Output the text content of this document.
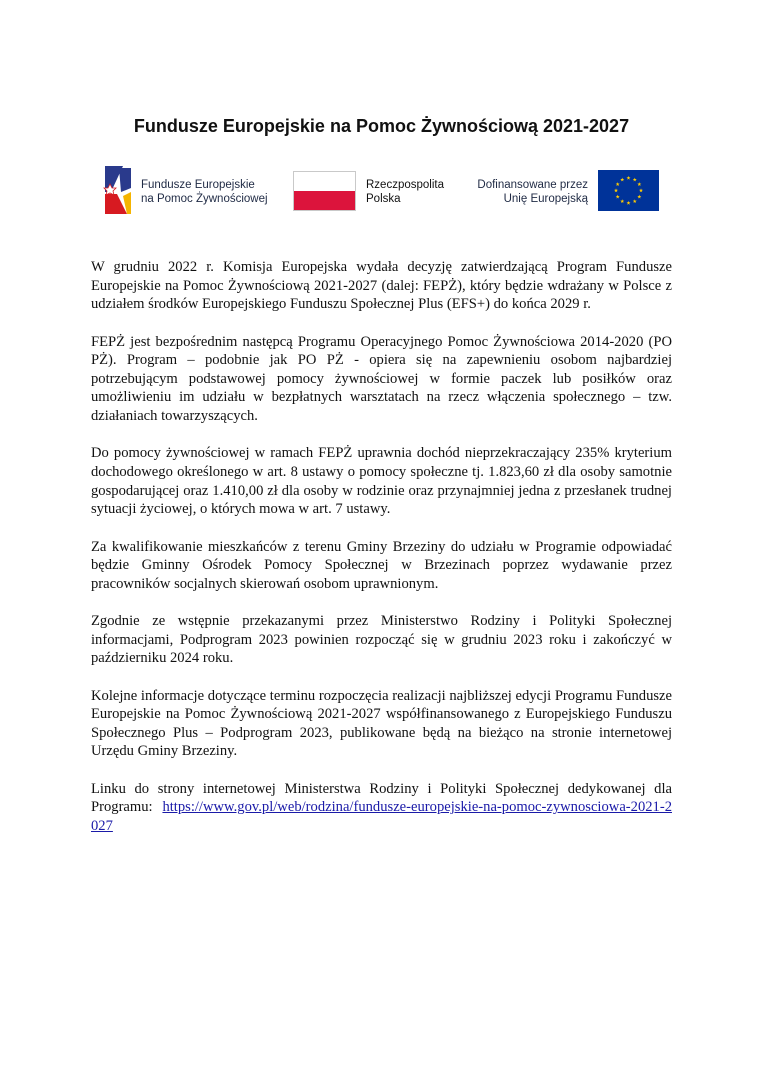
Fundusze Europejskie na Pomoc Żywnościową 2021-2027
Fundusze Europejskie
na Pomoc Żywnościowej
Rzeczpospolita
Polska
Dofinansowane przez
Unię Europejską

W grudniu 2022 r. Komisja Europejska wydała decyzję zatwierdzającą Program Fundusze Europejskie na Pomoc Żywnościową 2021-2027 (dalej: FEPŻ), który będzie wdrażany w Polsce z udziałem środków Europejskiego Funduszu Społecznej Plus (EFS+) do końca 2029 r.

FEPŻ jest bezpośrednim następcą Programu Operacyjnego Pomoc Żywnościowa 2014-2020 (PO PŻ). Program – podobnie jak PO PŻ - opiera się na zapewnieniu osobom najbardziej potrzebującym podstawowej pomocy żywnościowej w formie paczek lub posiłków oraz umożliwieniu im udziału w bezpłatnych warsztatach na rzecz włączenia społecznego – tzw. działaniach towarzyszących.

Do pomocy żywnościowej w ramach FEPŻ uprawnia dochód nieprzekraczający 235% kryterium dochodowego określonego w art. 8 ustawy o pomocy społeczne tj. 1.823,60 zł dla osoby samotnie gospodarującej oraz 1.410,00 zł dla osoby w rodzinie oraz przynajmniej jedna z przesłanek trudnej sytuacji życiowej, o których mowa w art. 7 ustawy.

Za kwalifikowanie mieszkańców z terenu Gminy Brzeziny do udziału w Programie odpowiadać będzie Gminny Ośrodek Pomocy Społecznej w Brzezinach poprzez wydawanie przez pracowników socjalnych skierowań osobom uprawnionym.

Zgodnie ze wstępnie przekazanymi przez Ministerstwo Rodziny i Polityki Społecznej informacjami, Podprogram 2023 powinien rozpocząć się w grudniu 2023 roku i zakończyć w październiku 2024 roku.

Kolejne informacje dotyczące terminu rozpoczęcia realizacji najbliższej edycji Programu Fundusze Europejskie na Pomoc Żywnościową 2021-2027 współfinansowanego z Europejskiego Funduszu Społecznego Plus – Podprogram 2023, publikowane będą na bieżąco na stronie internetowej Urzędu Gminy Brzeziny.

Linku do strony internetowej Ministerstwa Rodziny i Polityki Społecznej dedykowanej dla Programu: https://www.gov.pl/web/rodzina/fundusze-europejskie-na-pomoc-zywnosciowa-2021-2027
